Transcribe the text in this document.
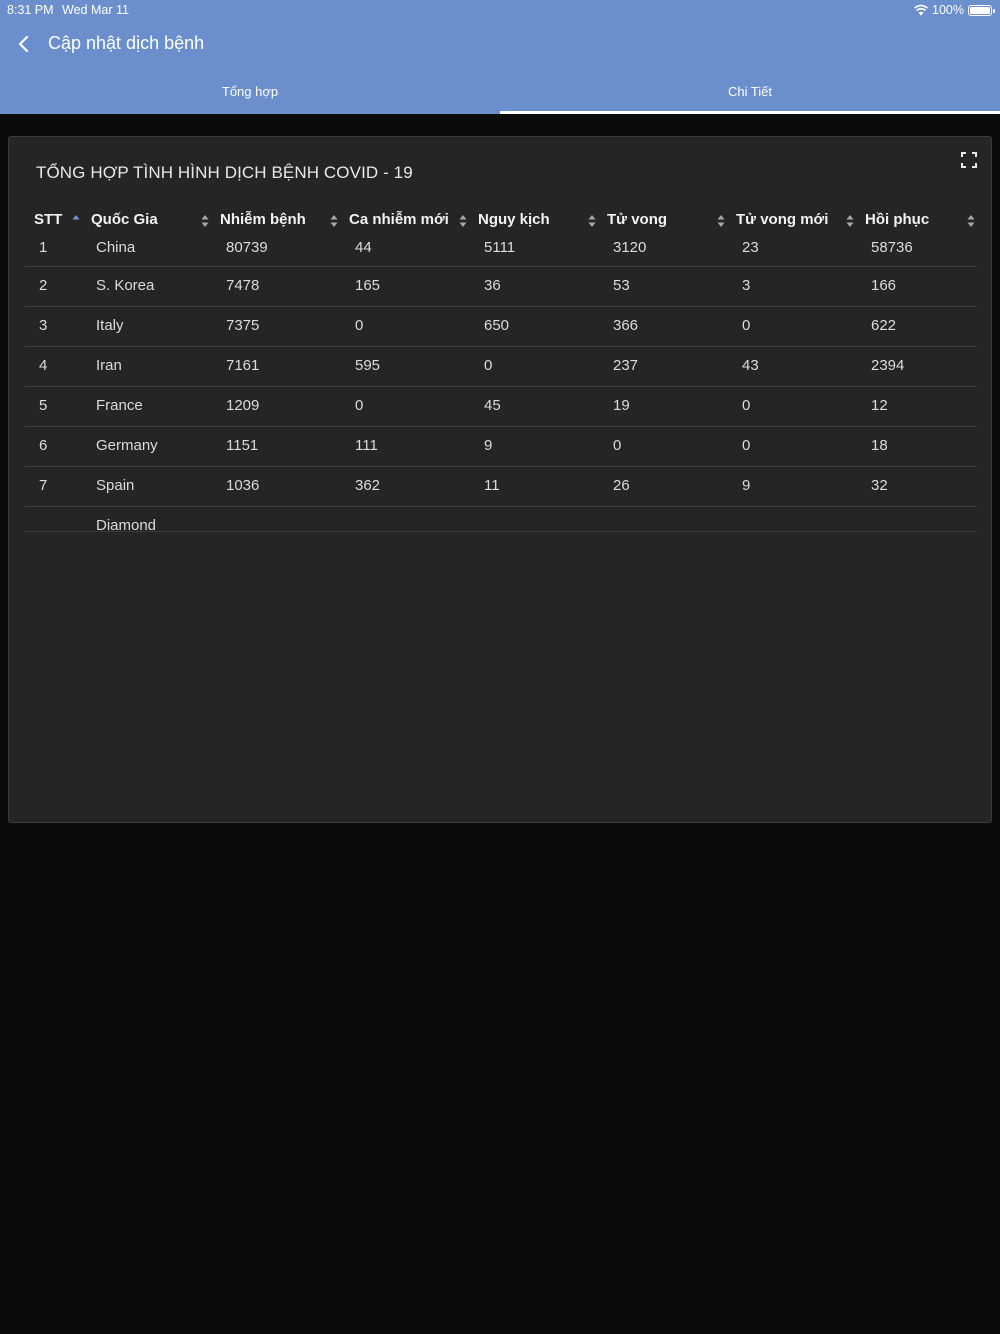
8:31 PM Wed Mar 11	100%
Cập nhật dịch bệnh
Tổng hợp	Chi Tiết
TỔNG HỢP TÌNH HÌNH DỊCH BỆNH COVID - 19
STT	Quốc Gia	Nhiễm bệnh	Ca nhiễm mới	Nguy kịch	Tử vong	Tử vong mới	Hồi phục
1	China	80739	44	5111	3120	23	58736
2	S. Korea	7478	165	36	53	3	166
3	Italy	7375	0	650	366	0	622
4	Iran	7161	595	0	237	43	2394
5	France	1209	0	45	19	0	12
6	Germany	1151	111	9	0	0	18
7	Spain	1036	362	11	26	9	32
Diamond
